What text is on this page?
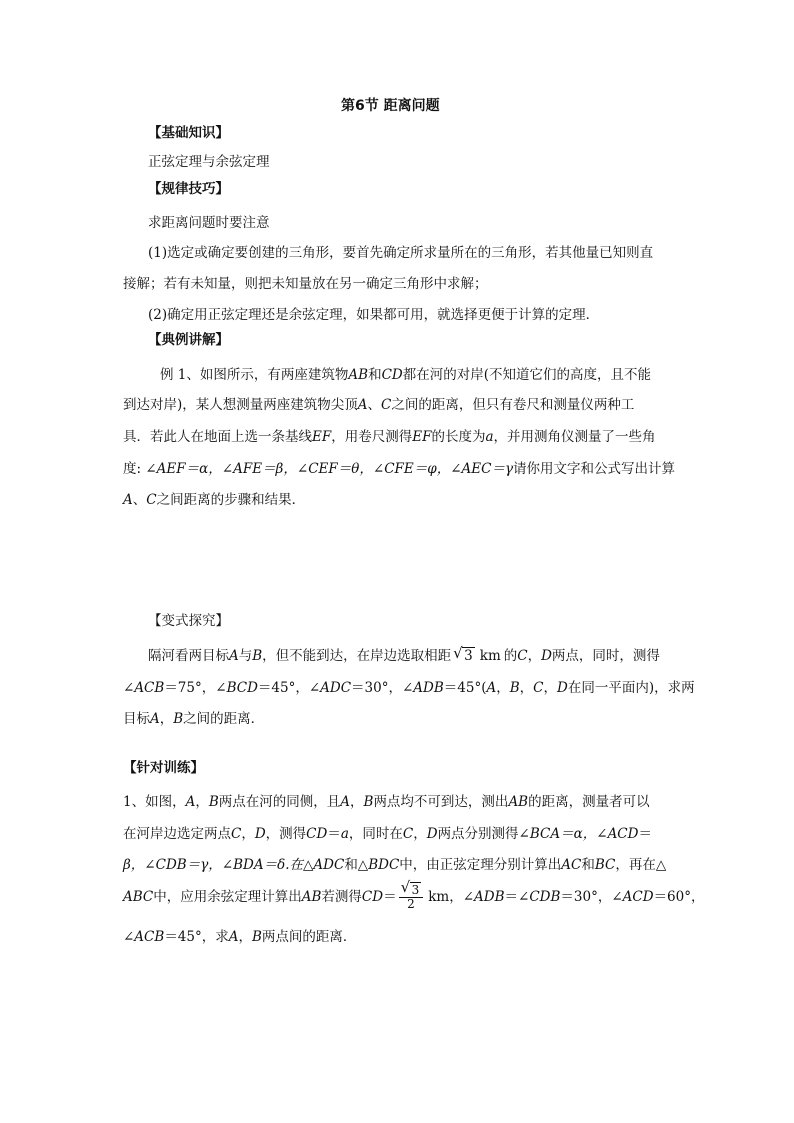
第6节 距离问题
【基础知识】
正弦定理与余弦定理
【规律技巧】
求距离问题时要注意
(1)选定或确定要创建的三角形，要首先确定所求量所在的三角形，若其他量已知则直
接解；若有未知量，则把未知量放在另一确定三角形中求解；
(2)确定用正弦定理还是余弦定理，如果都可用，就选择更便于计算的定理．
【典例讲解】
例 1、如图所示，有两座建筑物AB和CD都在河的对岸(不知道它们的高度，且不能
到达对岸)，某人想测量两座建筑物尖顶A、C之间的距离，但只有卷尺和测量仪两种工
具．若此人在地面上选一条基线EF，用卷尺测得EF的长度为a，并用测角仪测量了一些角
度: ∠AEF＝α，∠AFE＝β，∠CEF＝θ，∠CFE＝φ，∠AEC＝γ请你用文字和公式写出计算
A、C之间距离的步骤和结果．
【变式探究】
隔河看两目标A与B，但不能到达，在岸边选取相距 √ 3 km 的C，D两点，同时，测得
∠ACB＝75°，∠BCD＝45°，∠ADC＝30°，∠ADB＝45°(A，B，C，D在同一平面内)，求两
目标A，B之间的距离．
【针对训练】
1、如图，A，B两点在河的同侧，且A，B两点均不可到达，测出AB的距离，测量者可以
在河岸边选定两点C，D，测得CD＝a，同时在C，D两点分别测得∠BCA＝α，∠ACD＝
β，∠CDB＝γ，∠BDA＝δ.在△ADC和△BDC中，由正弦定理分别计算出AC和BC，再在△
ABC中，应用余弦定理计算出AB若测得$CD= \frac{√ 3}{2}$ km，∠ADB＝∠CDB＝30°，∠ACD＝60°，
∠ACB＝45°，求A，B两点间的距离．
